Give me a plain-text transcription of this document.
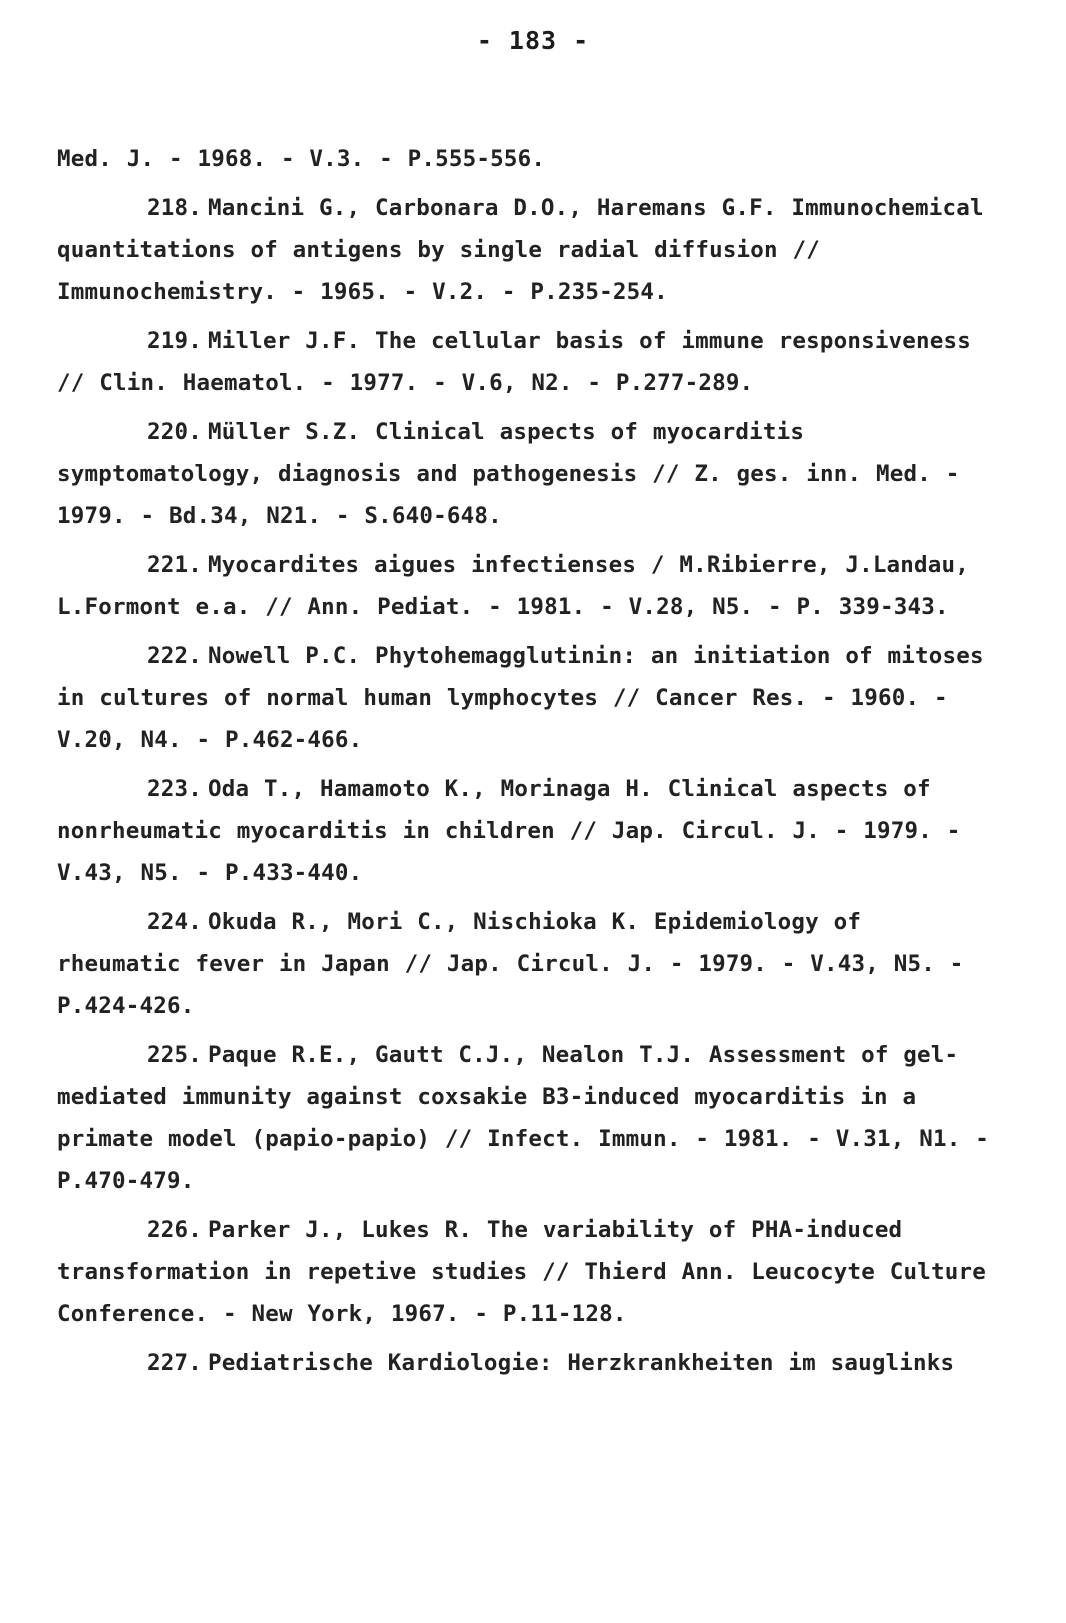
- 183 -

Med. J. - 1968. - V.3. - P.555-556.

218. Mancini G., Carbonara D.O., Haremans G.F. Immunochemical quantitations of antigens by single radial diffusion // Immunochemistry. - 1965. - V.2. - P.235-254.

219. Miller J.F. The cellular basis of immune responsiveness // Clin. Haematol. - 1977. - V.6, N2. - P.277-289.

220. Müller S.Z. Clinical aspects of myocarditis symptomatology, diagnosis and pathogenesis // Z. ges. inn. Med. - 1979. - Bd.34, N21. - S.640-648.

221. Myocardites aigues infectienses / M.Ribierre, J.Landau, L.Formont e.a. // Ann. Pediat. - 1981. - V.28, N5. - P. 339-343.

222. Nowell P.C. Phytohemagglutinin: an initiation of mitoses in cultures of normal human lymphocytes // Cancer Res. - 1960. - V.20, N4. - P.462-466.

223. Oda T., Hamamoto K., Morinaga H. Clinical aspects of nonrheumatic myocarditis in children // Jap. Circul. J. - 1979. - V.43, N5. - P.433-440.

224. Okuda R., Mori C., Nischioka K. Epidemiology of rheumatic fever in Japan // Jap. Circul. J. - 1979. - V.43, N5. - P.424-426.

225. Paque R.E., Gautt C.J., Nealon T.J. Assessment of gel-mediated immunity against coxsakie B3-induced myocarditis in a primate model (papio-papio) // Infect. Immun. - 1981. - V.31, N1. - P.470-479.

226. Parker J., Lukes R. The variability of PHA-induced transformation in repetive studies // Thierd Ann. Leucocyte Culture Conference. - New York, 1967. - P.11-128.

227. Pediatrische Kardiologie: Herzkrankheiten im sauglinks
